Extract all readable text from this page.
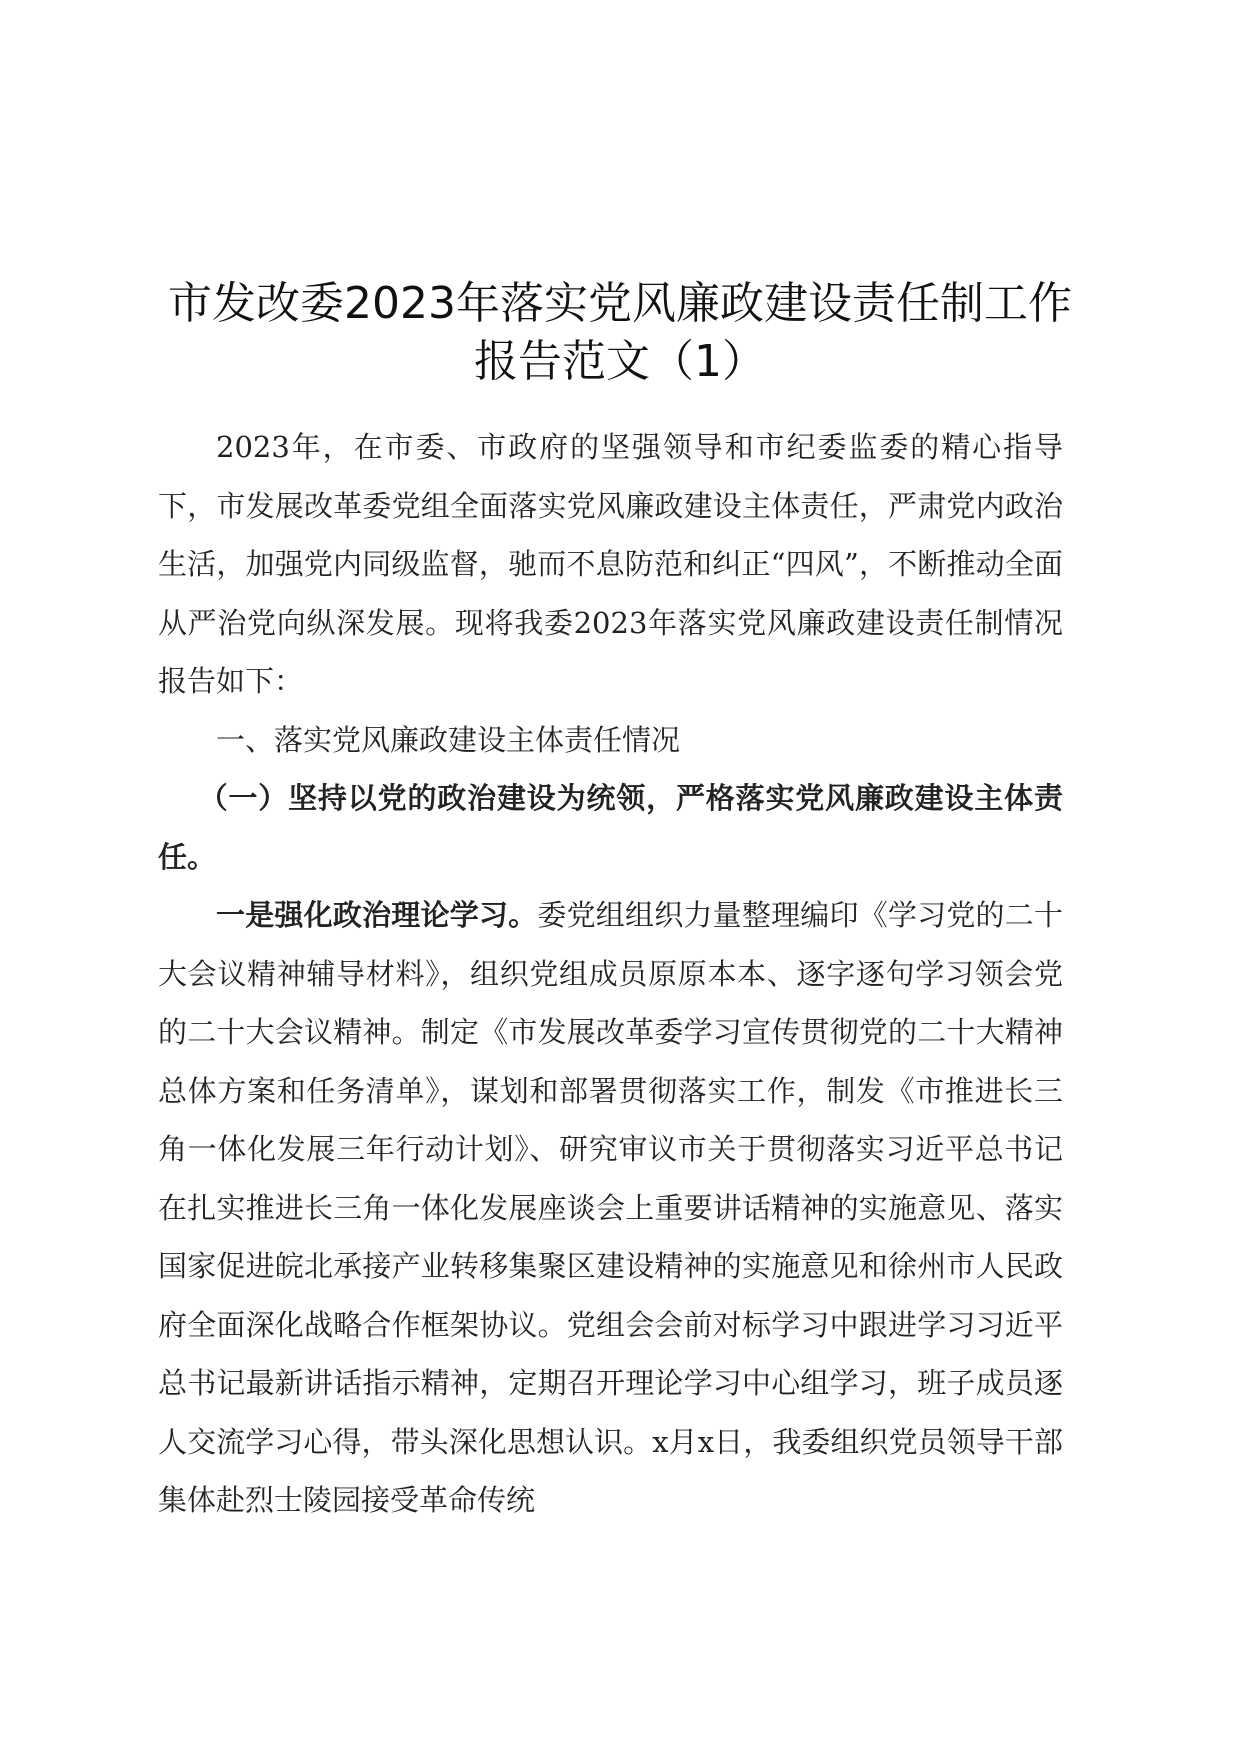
市发改委2023年落实党风廉政建设责任制工作报告范文（1）

2023年，在市委、市政府的坚强领导和市纪委监委的精心指导下，市发展改革委党组全面落实党风廉政建设主体责任，严肃党内政治生活，加强党内同级监督，驰而不息防范和纠正“四风”，不断推动全面从严治党向纵深发展。现将我委2023年落实党风廉政建设责任制情况报告如下：

一、落实党风廉政建设主体责任情况

（一）坚持以党的政治建设为统领，严格落实党风廉政建设主体责任。

一是强化政治理论学习。委党组组织力量整理编印《学习党的二十大会议精神辅导材料》，组织党组成员原原本本、逐字逐句学习领会党的二十大会议精神。制定《市发展改革委学习宣传贯彻党的二十大精神总体方案和任务清单》，谋划和部署贯彻落实工作，制发《市推进长三角一体化发展三年行动计划》、研究审议市关于贯彻落实习近平总书记在扎实推进长三角一体化发展座谈会上重要讲话精神的实施意见、落实国家促进皖北承接产业转移集聚区建设精神的实施意见和徐州市人民政府全面深化战略合作框架协议。党组会会前对标学习中跟进学习习近平总书记最新讲话指示精神，定期召开理论学习中心组学习，班子成员逐人交流学习心得，带头深化思想认识。x月x日，我委组织党员领导干部集体赴烈士陵园接受革命传统
